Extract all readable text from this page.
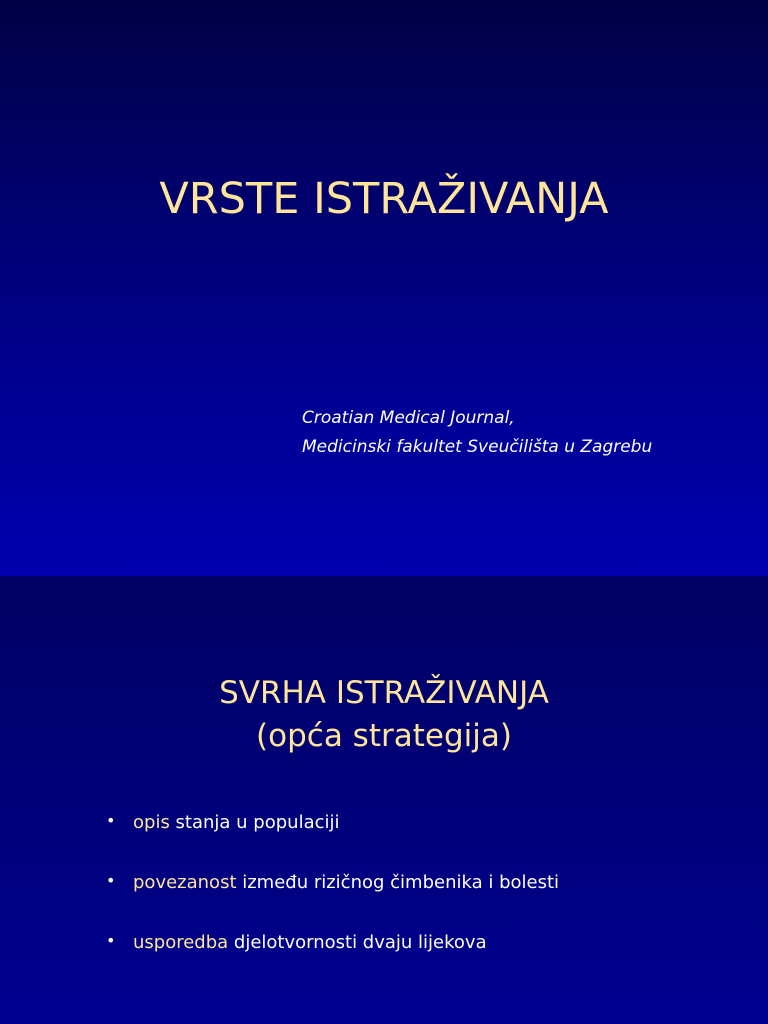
VRSTE ISTRAŽIVANJA
Croatian Medical Journal,
Medicinski fakultet Sveučilišta u Zagrebu
SVRHA ISTRAŽIVANJA
(opća strategija)
• opis stanja u populaciji
• povezanost između rizičnog čimbenika i bolesti
• usporedba djelotvornosti dvaju lijekova
